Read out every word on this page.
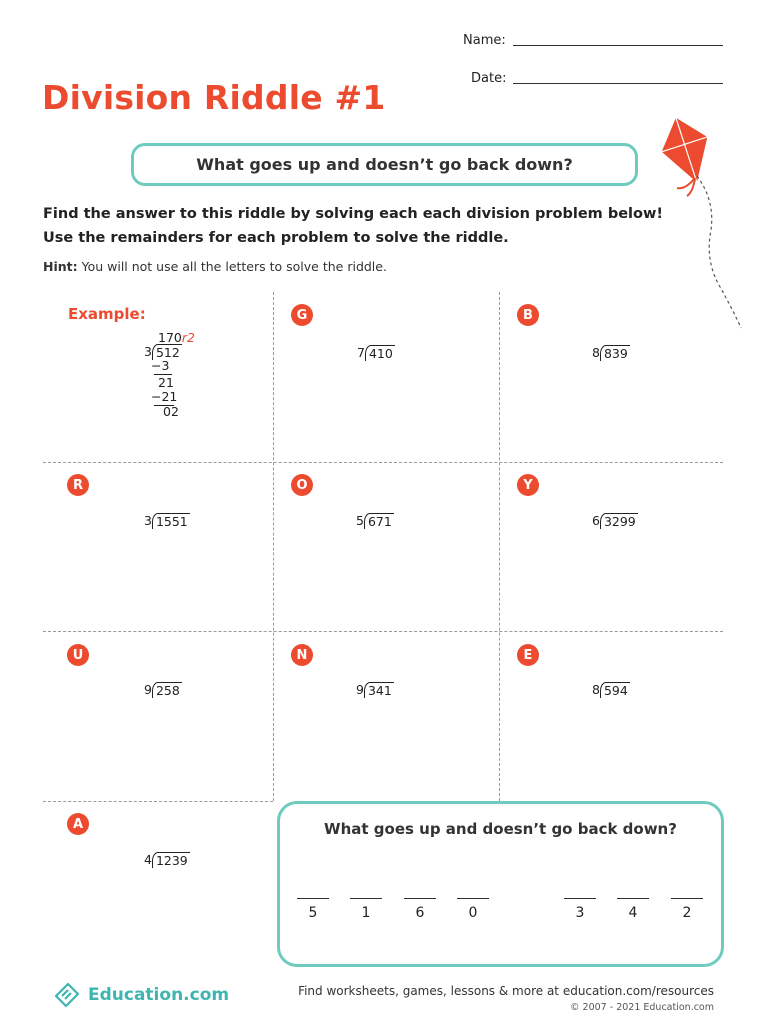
Name:
Date:
Division Riddle #1
What goes up and doesn’t go back down?
Find the answer to this riddle by solving each each division problem below!
Use the remainders for each problem to solve the riddle.
Hint: You will not use all the letters to solve the riddle.
Example:
170r2
3 512
−3
21
−21
02
G
7 410
B
8 839
R
3 1551
O
5 671
Y
6 3299
U
9 258
N
9 341
E
8 594
A
4 1239
What goes up and doesn’t go back down?
5	1	6	0	3	4	2
Education.com	Find worksheets, games, lessons & more at education.com/resources
© 2007 - 2021 Education.com
